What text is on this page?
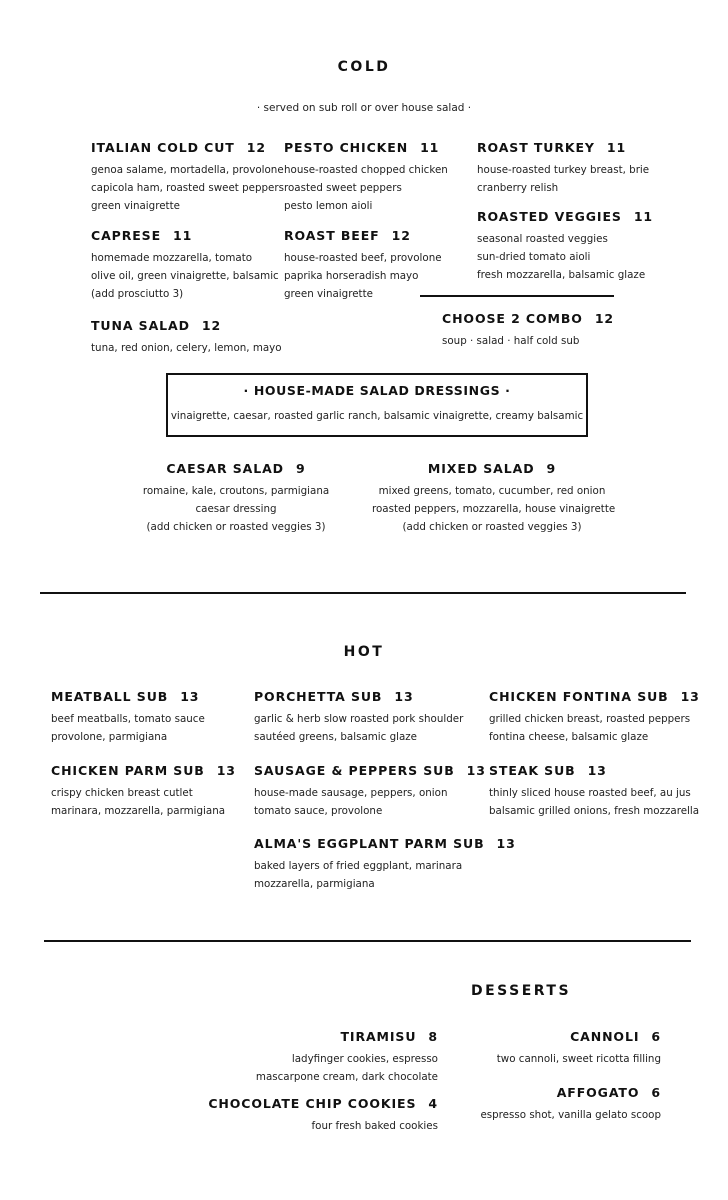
COLD
· served on sub roll or over house salad ·
ITALIAN COLD CUT 12
genoa salame, mortadella, provolone
capicola ham, roasted sweet peppers
green vinaigrette
PESTO CHICKEN 11
house-roasted chopped chicken
roasted sweet peppers
pesto lemon aioli
ROAST TURKEY 11
house-roasted turkey breast, brie
cranberry relish
ROASTED VEGGIES 11
seasonal roasted veggies
sun-dried tomato aioli
fresh mozzarella, balsamic glaze
CAPRESE 11
homemade mozzarella, tomato
olive oil, green vinaigrette, balsamic
(add prosciutto 3)
ROAST BEEF 12
house-roasted beef, provolone
paprika horseradish mayo
green vinaigrette
CHOOSE 2 COMBO 12
soup · salad · half cold sub
TUNA SALAD 12
tuna, red onion, celery, lemon, mayo
· HOUSE-MADE SALAD DRESSINGS ·
vinaigrette, caesar, roasted garlic ranch, balsamic vinaigrette, creamy balsamic
CAESAR SALAD 9
romaine, kale, croutons, parmigiana
caesar dressing
(add chicken or roasted veggies 3)
MIXED SALAD 9
mixed greens, tomato, cucumber, red onion
roasted peppers, mozzarella, house vinaigrette
(add chicken or roasted veggies 3)
HOT
MEATBALL SUB 13
beef meatballs, tomato sauce
provolone, parmigiana
PORCHETTA SUB 13
garlic & herb slow roasted pork shoulder
sautéed greens, balsamic glaze
CHICKEN FONTINA SUB 13
grilled chicken breast, roasted peppers
fontina cheese, balsamic glaze
CHICKEN PARM SUB 13
crispy chicken breast cutlet
marinara, mozzarella, parmigiana
SAUSAGE & PEPPERS SUB 13
house-made sausage, peppers, onion
tomato sauce, provolone
STEAK SUB 13
thinly sliced house roasted beef, au jus
balsamic grilled onions, fresh mozzarella
ALMA'S EGGPLANT PARM SUB 13
baked layers of fried eggplant, marinara
mozzarella, parmigiana
DESSERTS
TIRAMISU 8
ladyfinger cookies, espresso
mascarpone cream, dark chocolate
CANNOLI 6
two cannoli, sweet ricotta filling
CHOCOLATE CHIP COOKIES 4
four fresh baked cookies
AFFOGATO 6
espresso shot, vanilla gelato scoop
